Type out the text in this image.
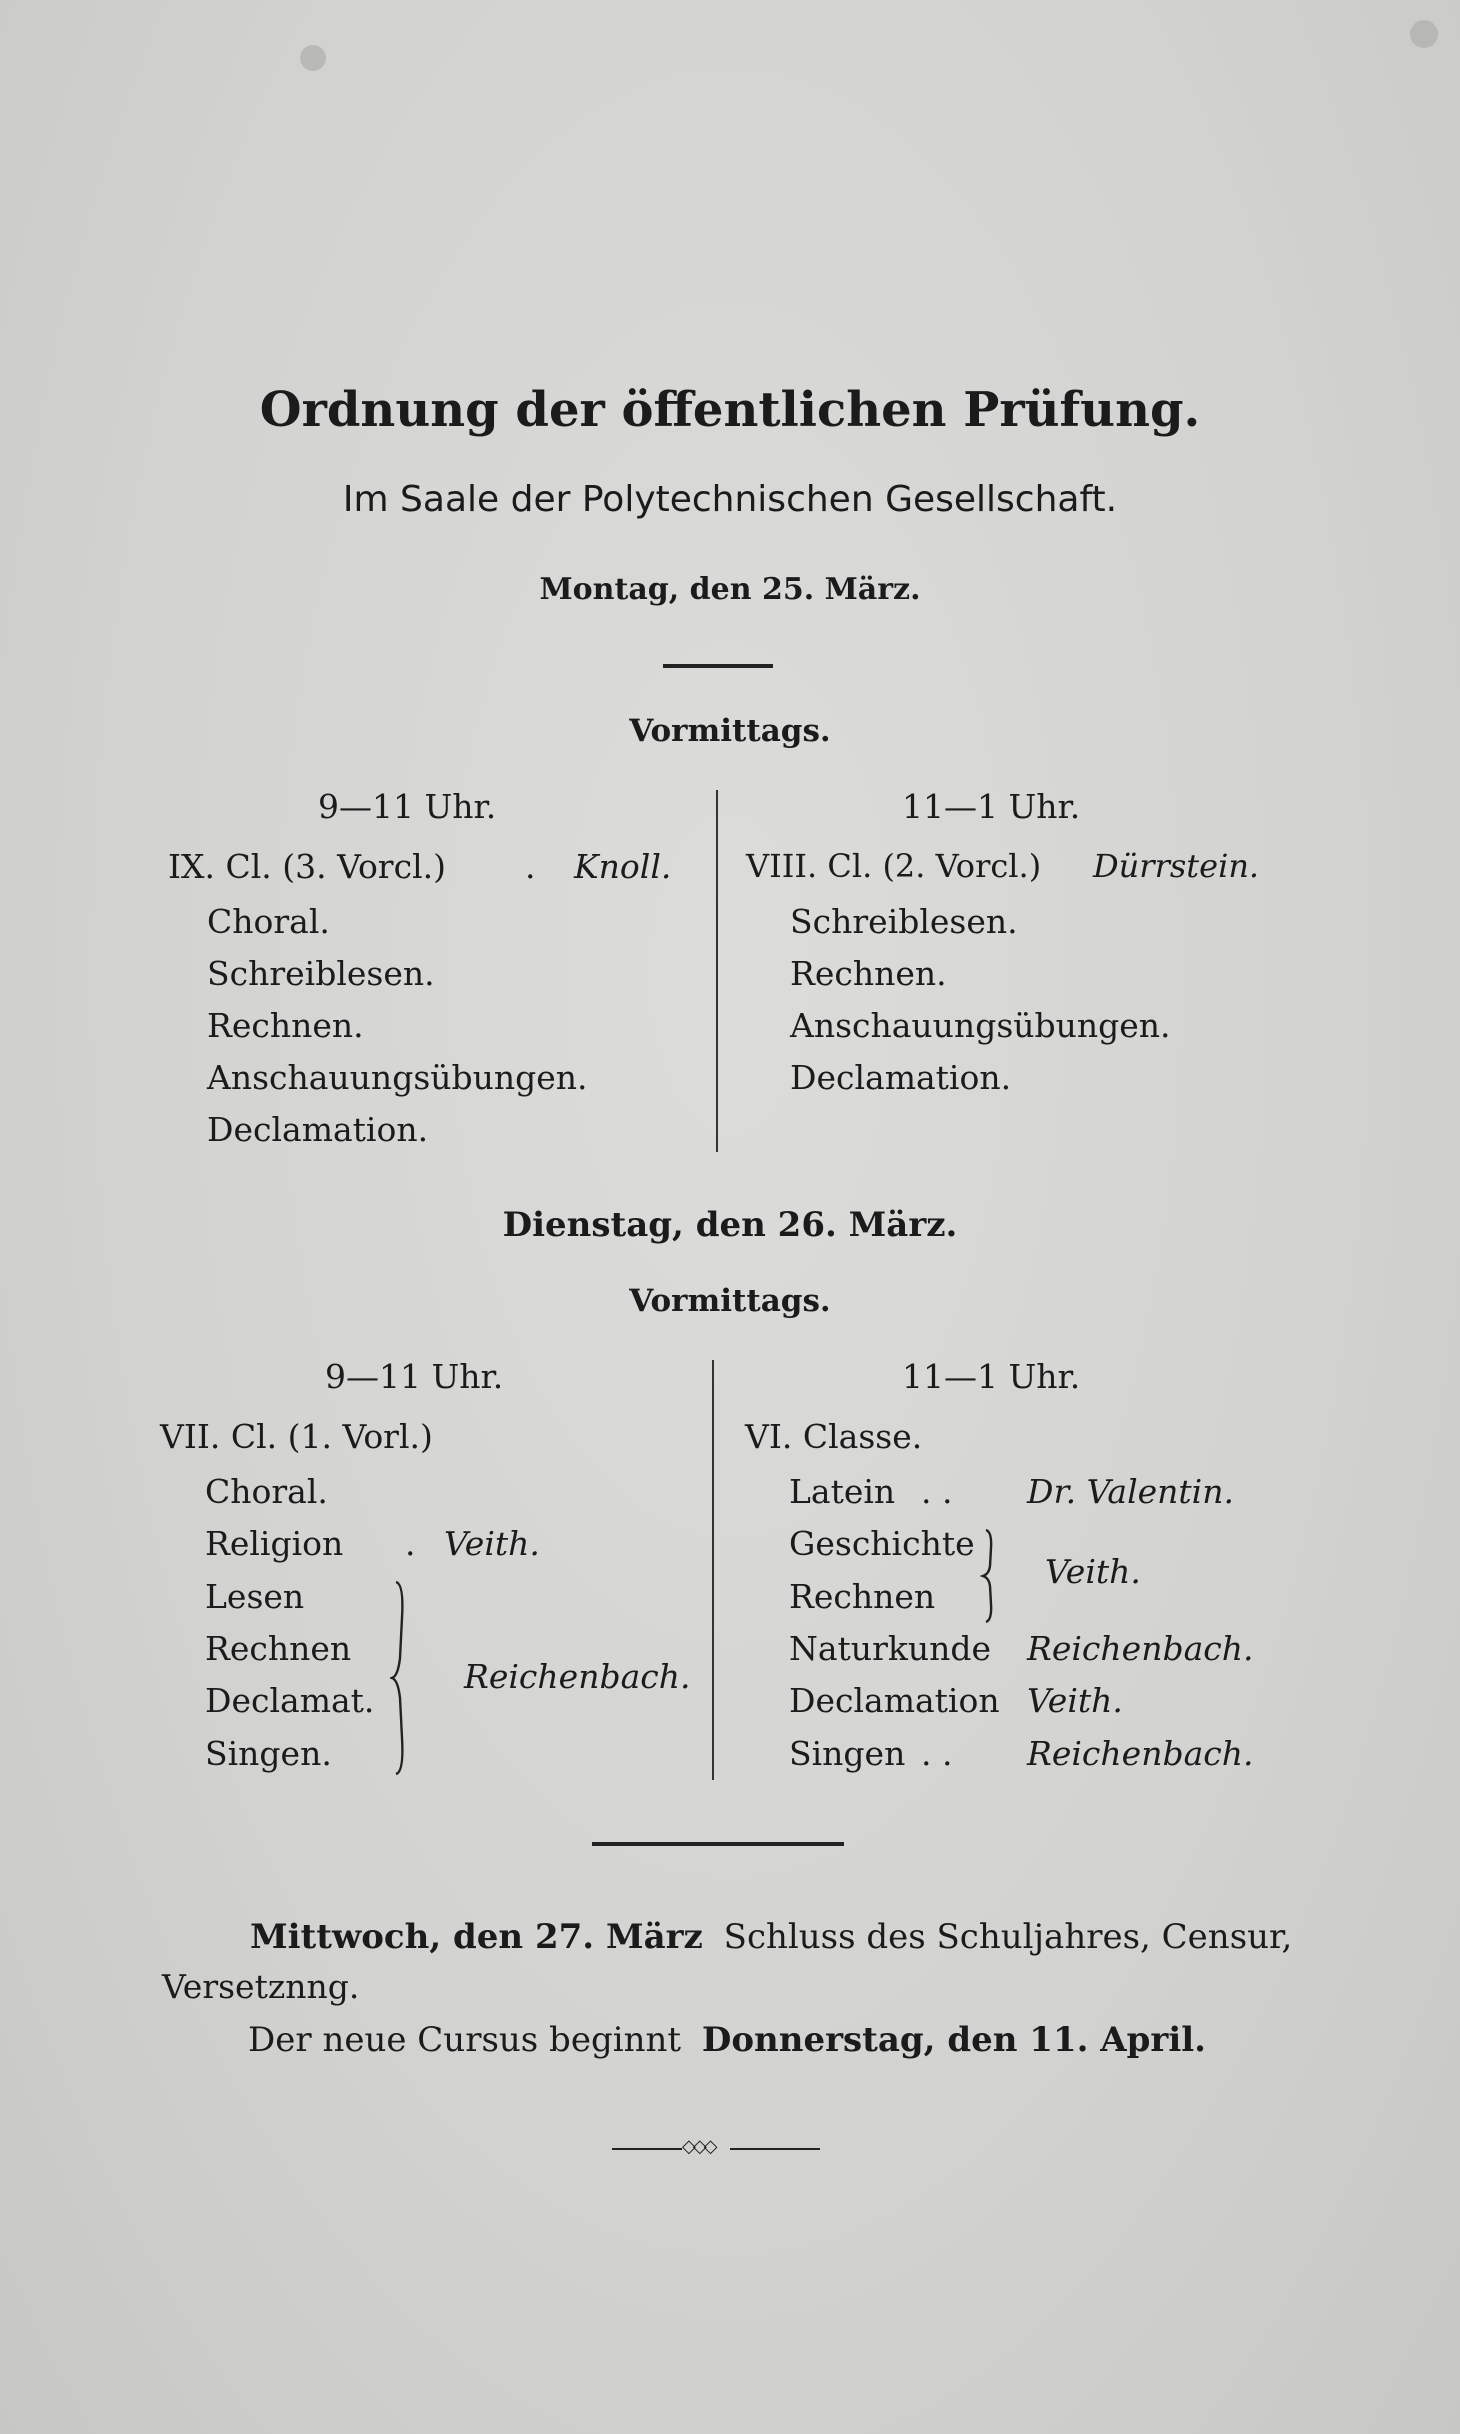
Ordnung der öffentlichen Prüfung.
Im Saale der Polytechnischen Gesellschaft.
Montag, den 25. März.
Vormittags.
9—11 Uhr.
IX. Cl. (3. Vorcl.) . Knoll.
Choral.
Schreiblesen.
Rechnen.
Anschauungsübungen.
Declamation.
11—1 Uhr.
VIII. Cl. (2. Vorcl.) Dürrstein.
Schreiblesen.
Rechnen.
Anschauungsübungen.
Declamation.
Dienstag, den 26. März.
Vormittags.
9—11 Uhr.
VII. Cl. (1. Vorl.)
Choral.
Religion . Veith.
Lesen
Rechnen
Declamat.
Singen.
Reichenbach.
11—1 Uhr.
VI. Classe.
Latein . . Dr. Valentin.
Geschichte
Rechnen
Veith.
Naturkunde Reichenbach.
Declamation Veith.
Singen . . Reichenbach.
Mittwoch, den 27. März Schluss des Schuljahres, Censur,
Versetznng.
Der neue Cursus beginnt Donnerstag, den 11. April.
◇◇◇
